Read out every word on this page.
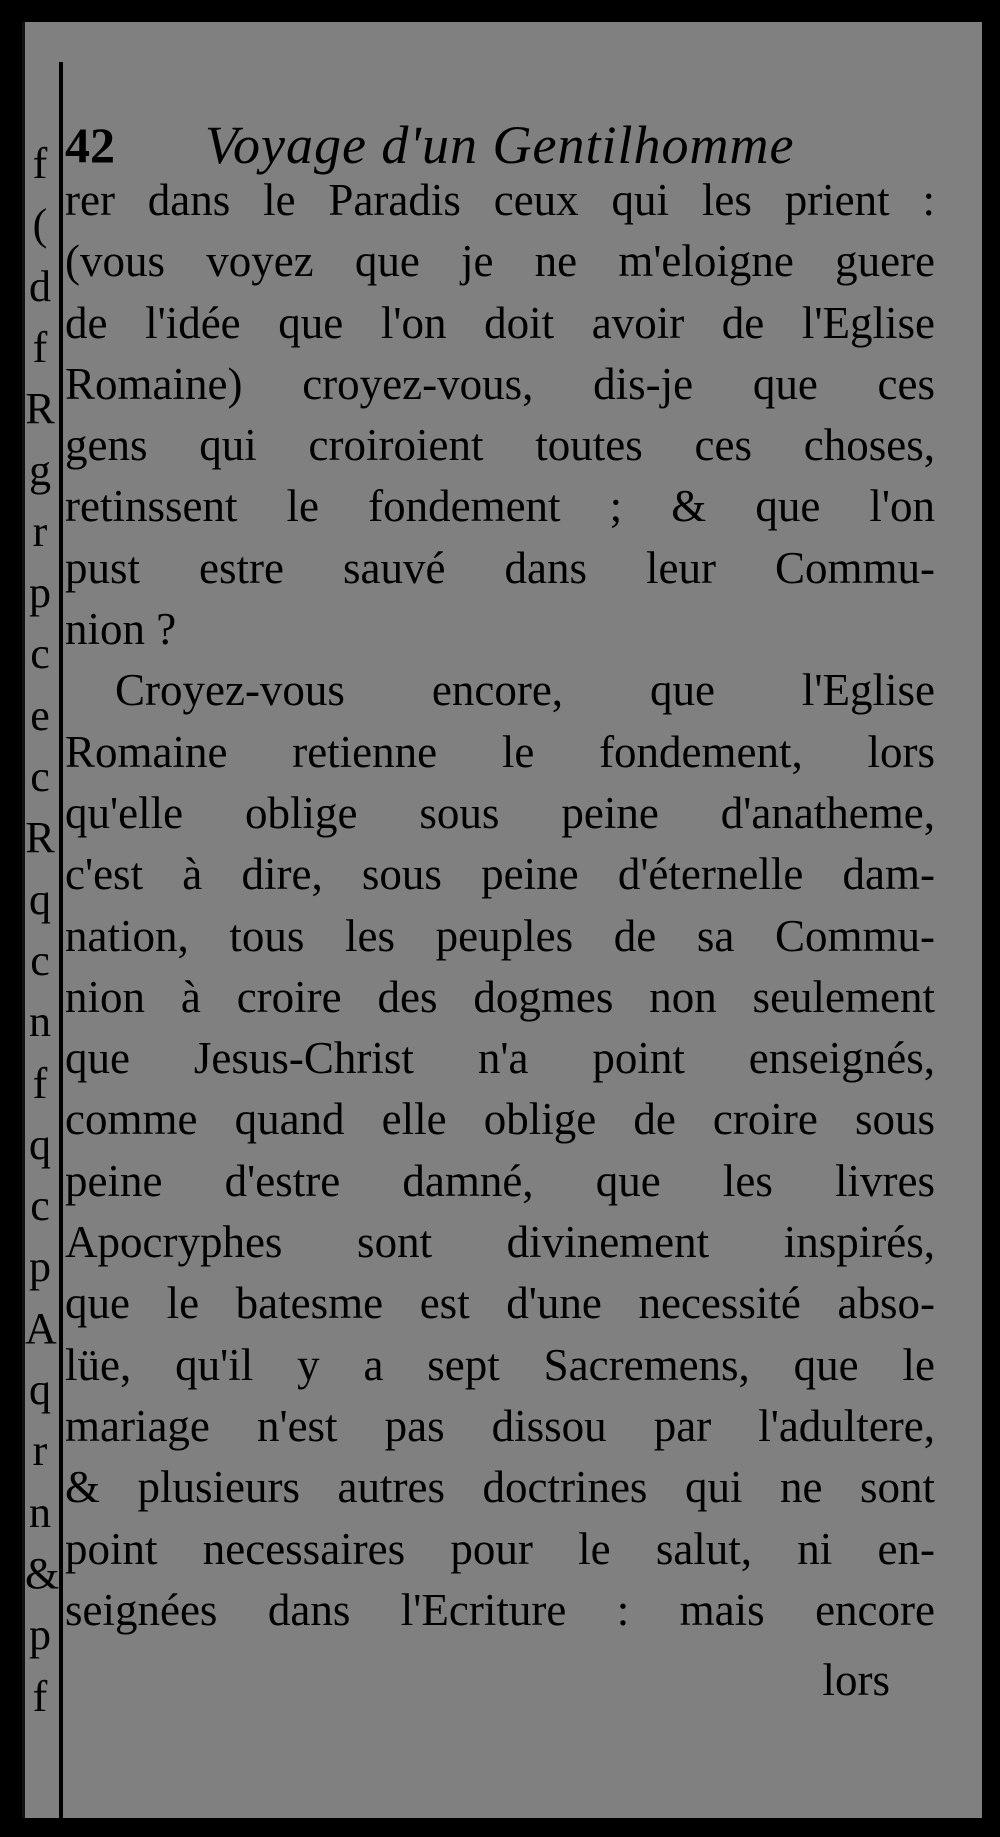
f
(
d
f
R
g
r
p
c
e
c
R
q
c
n
f
q
c
p
A
q
r
n
&
p
f
42 Voyage d'un Gentilhomme
rer dans le Paradis ceux qui les prient :
(vous voyez que je ne m'eloigne guere
de l'idée que l'on doit avoir de l'Eglise
Romaine) croyez-vous, dis-je que ces
gens qui croiroient toutes ces choses,
retinssent le fondement ; & que l'on
pust estre sauvé dans leur Commu-
nion ?
Croyez-vous encore, que l'Eglise
Romaine retienne le fondement, lors
qu'elle oblige sous peine d'anatheme,
c'est à dire, sous peine d'éternelle dam-
nation, tous les peuples de sa Commu-
nion à croire des dogmes non seulement
que Jesus-Christ n'a point enseignés,
comme quand elle oblige de croire sous
peine d'estre damné, que les livres
Apocryphes sont divinement inspirés,
que le batesme est d'une necessité abso-
lüe, qu'il y a sept Sacremens, que le
mariage n'est pas dissou par l'adultere,
& plusieurs autres doctrines qui ne sont
point necessaires pour le salut, ni en-
seignées dans l'Ecriture : mais encore
lors
